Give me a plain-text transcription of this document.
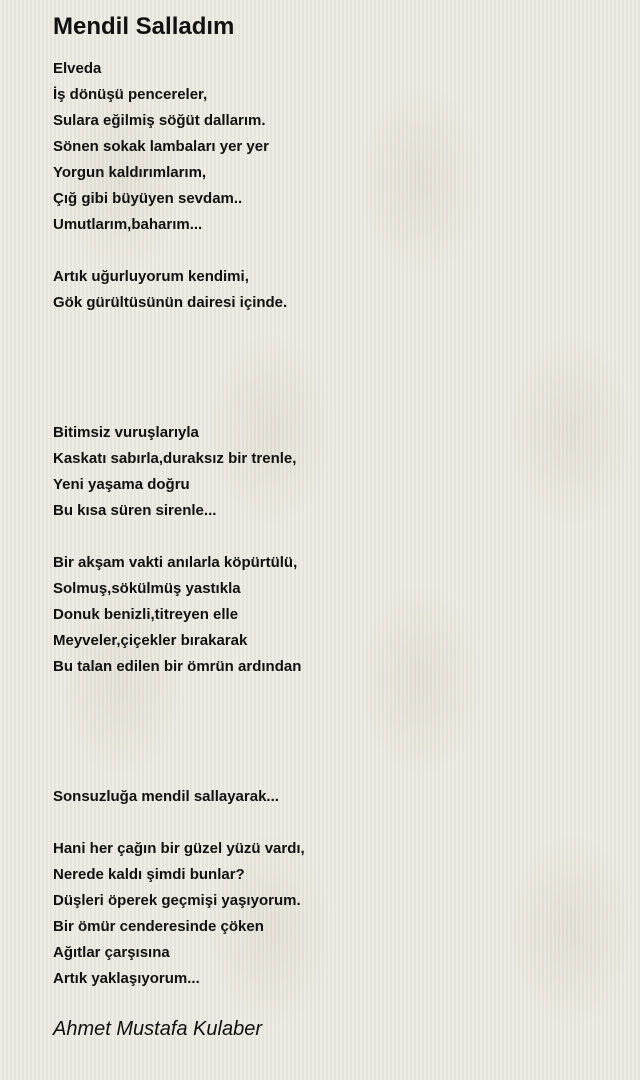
Mendil Salladım
Elveda
İş dönüşü pencereler,
Sulara eğilmiş söğüt dallarım.
Sönen sokak lambaları yer yer
Yorgun kaldırımlarım,
Çığ gibi büyüyen sevdam..
Umutlarım,baharım...
Artık uğurluyorum kendimi,
Gök gürültüsünün dairesi içinde.
Bitimsiz vuruşlarıyla
Kaskatı sabırla,duraksız bir trenle,
Yeni yaşama doğru
Bu kısa süren sirenle...
Bir akşam vakti anılarla köpürtülü,
Solmuş,sökülmüş yastıkla
Donuk benizli,titreyen elle
Meyveler,çiçekler bırakarak
Bu talan edilen bir ömrün ardından
Sonsuzluğa mendil sallayarak...
Hani her çağın bir güzel yüzü vardı,
Nerede kaldı şimdi bunlar?
Düşleri öperek geçmişi yaşıyorum.
Bir ömür cenderesinde çöken
Ağıtlar çarşısına
Artık yaklaşıyorum...
Ahmet Mustafa Kulaber
